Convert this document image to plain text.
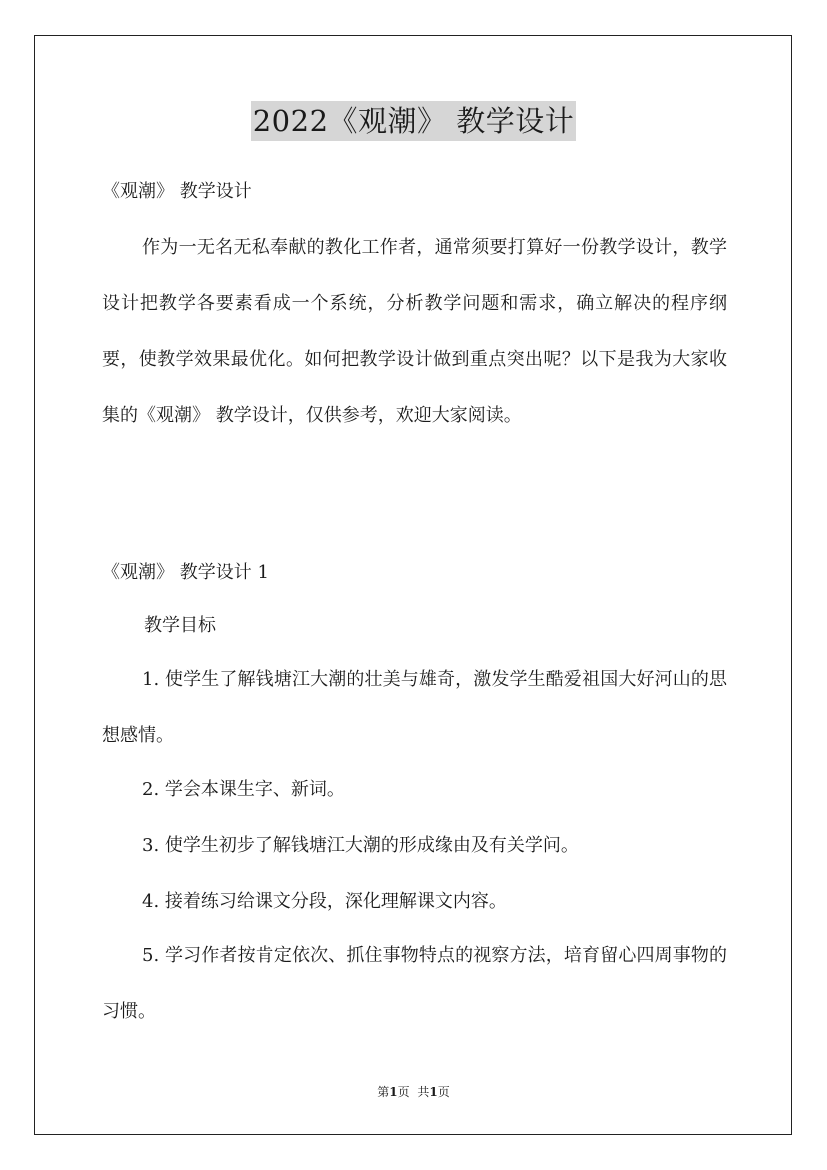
2022《观潮》 教学设计
《观潮》 教学设计

作为一无名无私奉献的教化工作者，通常须要打算好一份教学设计，教学设计把教学各要素看成一个系统，分析教学问题和需求，确立解决的程序纲要，使教学效果最优化。如何把教学设计做到重点突出呢？以下是我为大家收集的《观潮》 教学设计，仅供参考，欢迎大家阅读。

《观潮》 教学设计 1
教学目标

1. 使学生了解钱塘江大潮的壮美与雄奇，激发学生酷爱祖国大好河山的思想感情。

2. 学会本课生字、新词。

3. 使学生初步了解钱塘江大潮的形成缘由及有关学问。

4. 接着练习给课文分段，深化理解课文内容。

5. 学习作者按肯定依次、抓住事物特点的视察方法，培育留心四周事物的习惯。

第1页 共1页
